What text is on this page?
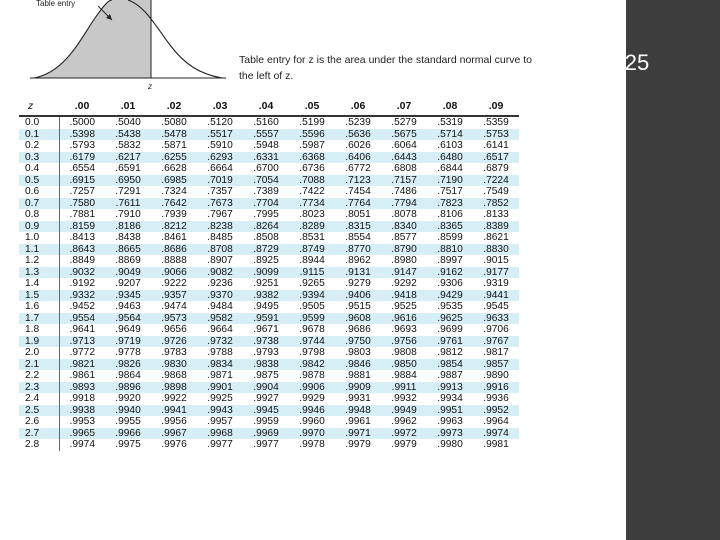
25
Table entry
z
Table entry for z is the area under the standard normal curve to the left of z.
z	.00	.01	.02	.03	.04	.05	.06	.07	.08	.09
0.0	.5000	.5040	.5080	.5120	.5160	.5199	.5239	.5279	.5319	.5359
0.1	.5398	.5438	.5478	.5517	.5557	.5596	.5636	.5675	.5714	.5753
0.2	.5793	.5832	.5871	.5910	.5948	.5987	.6026	.6064	.6103	.6141
0.3	.6179	.6217	.6255	.6293	.6331	.6368	.6406	.6443	.6480	.6517
0.4	.6554	.6591	.6628	.6664	.6700	.6736	.6772	.6808	.6844	.6879
0.5	.6915	.6950	.6985	.7019	.7054	.7088	.7123	.7157	.7190	.7224
0.6	.7257	.7291	.7324	.7357	.7389	.7422	.7454	.7486	.7517	.7549
0.7	.7580	.7611	.7642	.7673	.7704	.7734	.7764	.7794	.7823	.7852
0.8	.7881	.7910	.7939	.7967	.7995	.8023	.8051	.8078	.8106	.8133
0.9	.8159	.8186	.8212	.8238	.8264	.8289	.8315	.8340	.8365	.8389
1.0	.8413	.8438	.8461	.8485	.8508	.8531	.8554	.8577	.8599	.8621
1.1	.8643	.8665	.8686	.8708	.8729	.8749	.8770	.8790	.8810	.8830
1.2	.8849	.8869	.8888	.8907	.8925	.8944	.8962	.8980	.8997	.9015
1.3	.9032	.9049	.9066	.9082	.9099	.9115	.9131	.9147	.9162	.9177
1.4	.9192	.9207	.9222	.9236	.9251	.9265	.9279	.9292	.9306	.9319
1.5	.9332	.9345	.9357	.9370	.9382	.9394	.9406	.9418	.9429	.9441
1.6	.9452	.9463	.9474	.9484	.9495	.9505	.9515	.9525	.9535	.9545
1.7	.9554	.9564	.9573	.9582	.9591	.9599	.9608	.9616	.9625	.9633
1.8	.9641	.9649	.9656	.9664	.9671	.9678	.9686	.9693	.9699	.9706
1.9	.9713	.9719	.9726	.9732	.9738	.9744	.9750	.9756	.9761	.9767
2.0	.9772	.9778	.9783	.9788	.9793	.9798	.9803	.9808	.9812	.9817
2.1	.9821	.9826	.9830	.9834	.9838	.9842	.9846	.9850	.9854	.9857
2.2	.9861	.9864	.9868	.9871	.9875	.9878	.9881	.9884	.9887	.9890
2.3	.9893	.9896	.9898	.9901	.9904	.9906	.9909	.9911	.9913	.9916
2.4	.9918	.9920	.9922	.9925	.9927	.9929	.9931	.9932	.9934	.9936
2.5	.9938	.9940	.9941	.9943	.9945	.9946	.9948	.9949	.9951	.9952
2.6	.9953	.9955	.9956	.9957	.9959	.9960	.9961	.9962	.9963	.9964
2.7	.9965	.9966	.9967	.9968	.9969	.9970	.9971	.9972	.9973	.9974
2.8	.9974	.9975	.9976	.9977	.9977	.9978	.9979	.9979	.9980	.9981
